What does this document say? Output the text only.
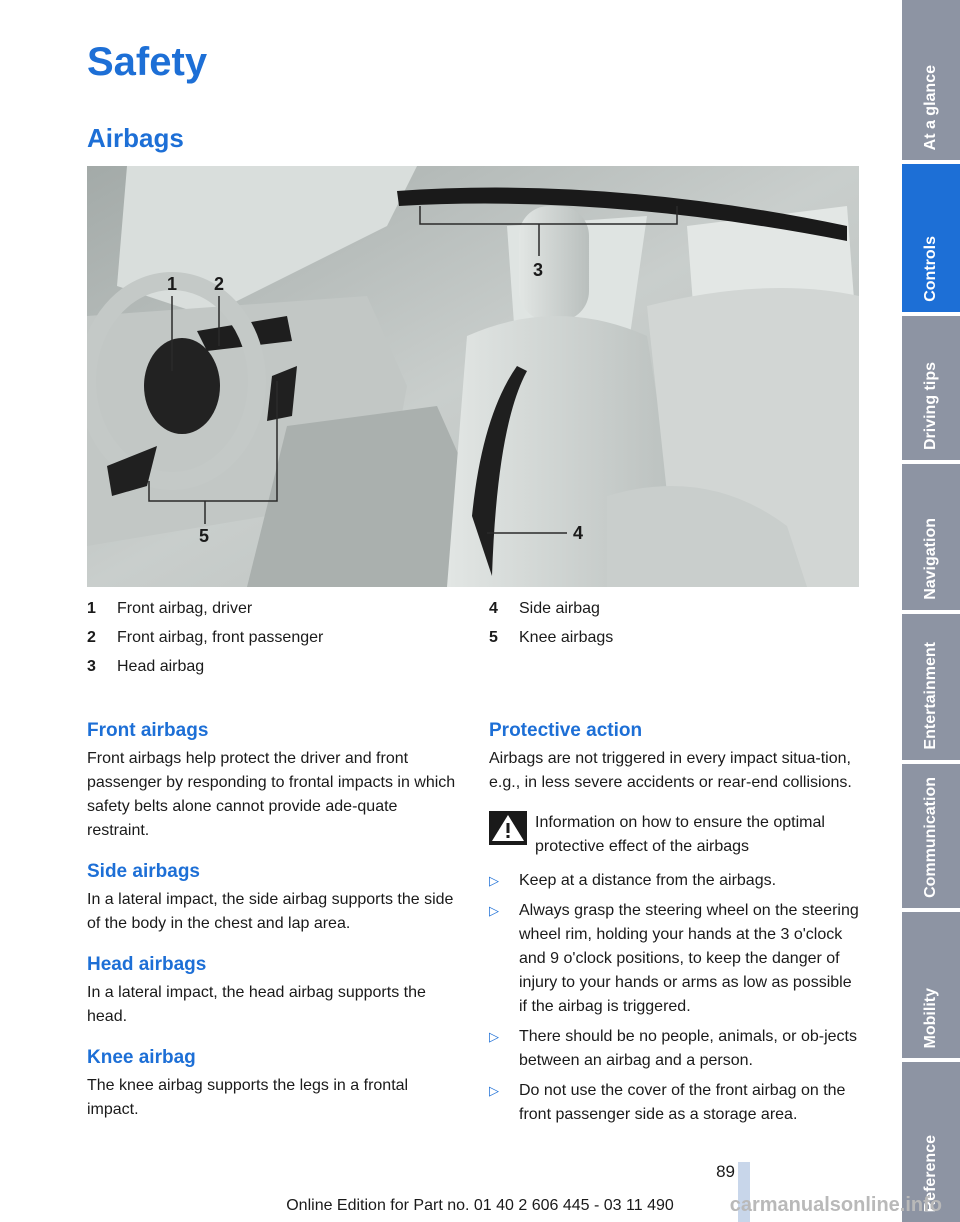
Safety
Airbags
1 2
3
4
5
1	Front airbag, driver
2	Front airbag, front passenger
3	Head airbag
4	Side airbag
5	Knee airbags
Front airbags

Front airbags help protect the driver and front passenger by responding to frontal impacts in which safety belts alone cannot provide ade-quate restraint.

Side airbags

In a lateral impact, the side airbag supports the side of the body in the chest and lap area.

Head airbags

In a lateral impact, the head airbag supports the head.

Knee airbag

The knee airbag supports the legs in a frontal impact.

Protective action

Airbags are not triggered in every impact situa-tion, e.g., in less severe accidents or rear-end collisions.

Information on how to ensure the optimal protective effect of the airbags
▷	Keep at a distance from the airbags.
▷	Always grasp the steering wheel on the steering wheel rim, holding your hands at the 3 o'clock and 9 o'clock positions, to keep the danger of injury to your hands or arms as low as possible if the airbag is triggered.
▷	There should be no people, animals, or ob-jects between an airbag and a person.
▷	Do not use the cover of the front airbag on the front passenger side as a storage area.
At a glance
Controls
Driving tips
Navigation
Entertainment
Communication
Mobility
Reference
89
Online Edition for Part no. 01 40 2 606 445 - 03 11 490	carmanualsonline.info
